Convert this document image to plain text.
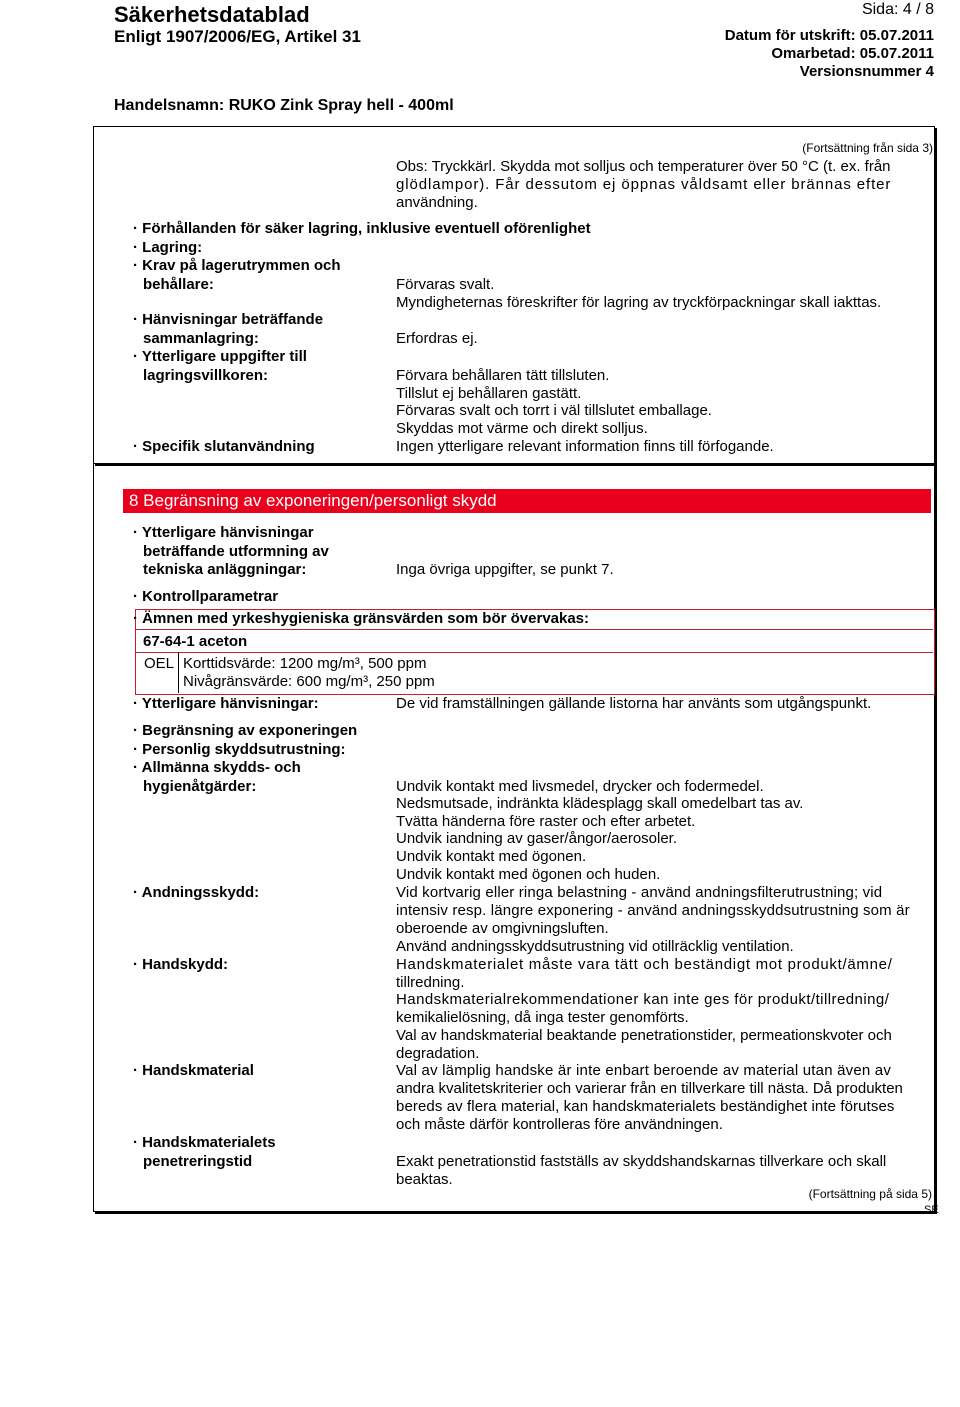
Säkerhetsdatablad
Enligt 1907/2006/EG, Artikel 31
Sida: 4 / 8
Datum för utskrift: 05.07.2011
Omarbetad: 05.07.2011
Versionsnummer 4
Handelsnamn: RUKO Zink Spray hell - 400ml
(Fortsättning från sida 3)
Obs: Tryckkärl. Skydda mot solljus och temperaturer över 50 °C (t. ex. från
glödlampor). Får dessutom ej öppnas våldsamt eller brännas efter
användning.
· Förhållanden för säker lagring, inklusive eventuell oförenlighet
· Lagring:
· Krav på lagerutrymmen och
behållare:	Förvaras svalt.
Myndigheternas föreskrifter för lagring av tryckförpackningar skall iakttas.
· Hänvisningar beträffande
sammanlagring:	Erfordras ej.
· Ytterligare uppgifter till
lagringsvillkoren:	Förvara behållaren tätt tillsluten.
Tillslut ej behållaren gastätt.
Förvaras svalt och torrt i väl tillslutet emballage.
Skyddas mot värme och direkt solljus.
· Specifik slutanvändning	Ingen ytterligare relevant information finns till förfogande.
8 Begränsning av exponeringen/personligt skydd
· Ytterligare hänvisningar
beträffande utformning av
tekniska anläggningar:	Inga övriga uppgifter, se punkt 7.
· Kontrollparametrar
· Ämnen med yrkeshygieniska gränsvärden som bör övervakas:
67-64-1 aceton
OEL Korttidsvärde: 1200 mg/m³, 500 ppm
Nivågränsvärde: 600 mg/m³, 250 ppm
· Ytterligare hänvisningar:	De vid framställningen gällande listorna har använts som utgångspunkt.
· Begränsning av exponeringen
· Personlig skyddsutrustning:
· Allmänna skydds- och
hygienåtgärder:	Undvik kontakt med livsmedel, drycker och fodermedel.
Nedsmutsade, indränkta klädesplagg skall omedelbart tas av.
Tvätta händerna före raster och efter arbetet.
Undvik iandning av gaser/ångor/aerosoler.
Undvik kontakt med ögonen.
Undvik kontakt med ögonen och huden.
· Andningsskydd:	Vid kortvarig eller ringa belastning - använd andningsfilterutrustning; vid
intensiv resp. längre exponering - använd andningsskyddsutrustning som är
oberoende av omgivningsluften.
Använd andningsskyddsutrustning vid otillräcklig ventilation.
· Handskydd:	Handskmaterialet måste vara tätt och beständigt mot produkt/ämne/
tillredning.
Handskmaterialrekommendationer kan inte ges för produkt/tillredning/
kemikalielösning, då inga tester genomförts.
Val av handskmaterial beaktande penetrationstider, permeationskvoter och
degradation.
· Handskmaterial	Val av lämplig handske är inte enbart beroende av material utan även av
andra kvalitetskriterier och varierar från en tillverkare till nästa. Då produkten
bereds av flera material, kan handskmaterialets beständighet inte förutses
och måste därför kontrolleras före användningen.
· Handskmaterialets
penetreringstid	Exakt penetrationstid fastställs av skyddshandskarnas tillverkare och skall
beaktas.
(Fortsättning på sida 5)
SE
